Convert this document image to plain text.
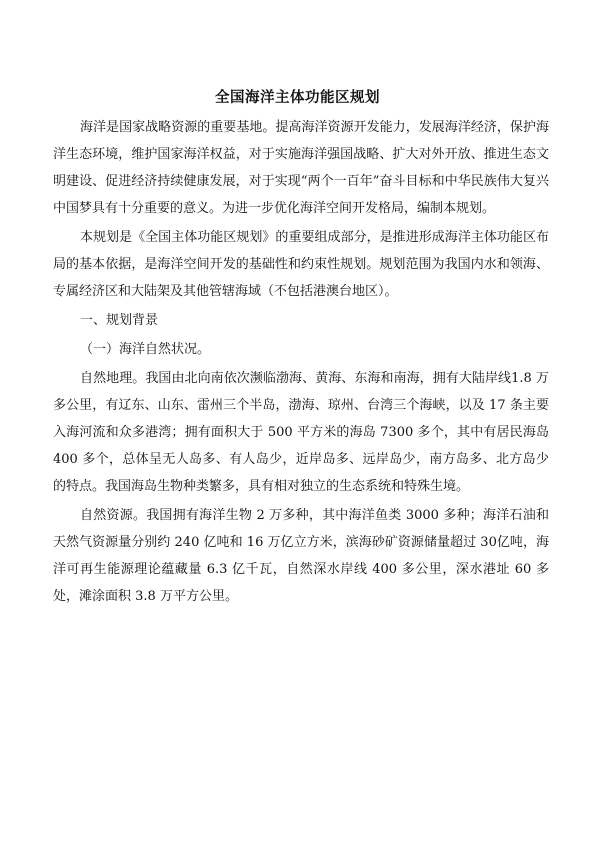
全国海洋主体功能区规划

海洋是国家战略资源的重要基地。提高海洋资源开发能力，发展海洋经济，保护海洋生态环境，维护国家海洋权益，对于实施海洋强国战略、扩大对外开放、推进生态文明建设、促进经济持续健康发展，对于实现“两个一百年”奋斗目标和中华民族伟大复兴中国梦具有十分重要的意义。为进一步优化海洋空间开发格局，编制本规划。

本规划是《全国主体功能区规划》的重要组成部分，是推进形成海洋主体功能区布局的基本依据，是海洋空间开发的基础性和约束性规划。规划范围为我国内水和领海、专属经济区和大陆架及其他管辖海域（不包括港澳台地区）。

一、规划背景

（一）海洋自然状况。

自然地理。我国由北向南依次濒临渤海、黄海、东海和南海，拥有大陆岸线1.8 万多公里，有辽东、山东、雷州三个半岛，渤海、琼州、台湾三个海峡，以及 17 条主要入海河流和众多港湾；拥有面积大于 500 平方米的海岛 7300 多个，其中有居民海岛 400 多个，总体呈无人岛多、有人岛少，近岸岛多、远岸岛少，南方岛多、北方岛少的特点。我国海岛生物种类繁多，具有相对独立的生态系统和特殊生境。

自然资源。我国拥有海洋生物 2 万多种，其中海洋鱼类 3000 多种；海洋石油和天然气资源量分别约 240 亿吨和 16 万亿立方米，滨海砂矿资源储量超过 30亿吨，海洋可再生能源理论蕴藏量 6.3 亿千瓦，自然深水岸线 400 多公里，深水港址 60 多处，滩涂面积 3.8 万平方公里。
